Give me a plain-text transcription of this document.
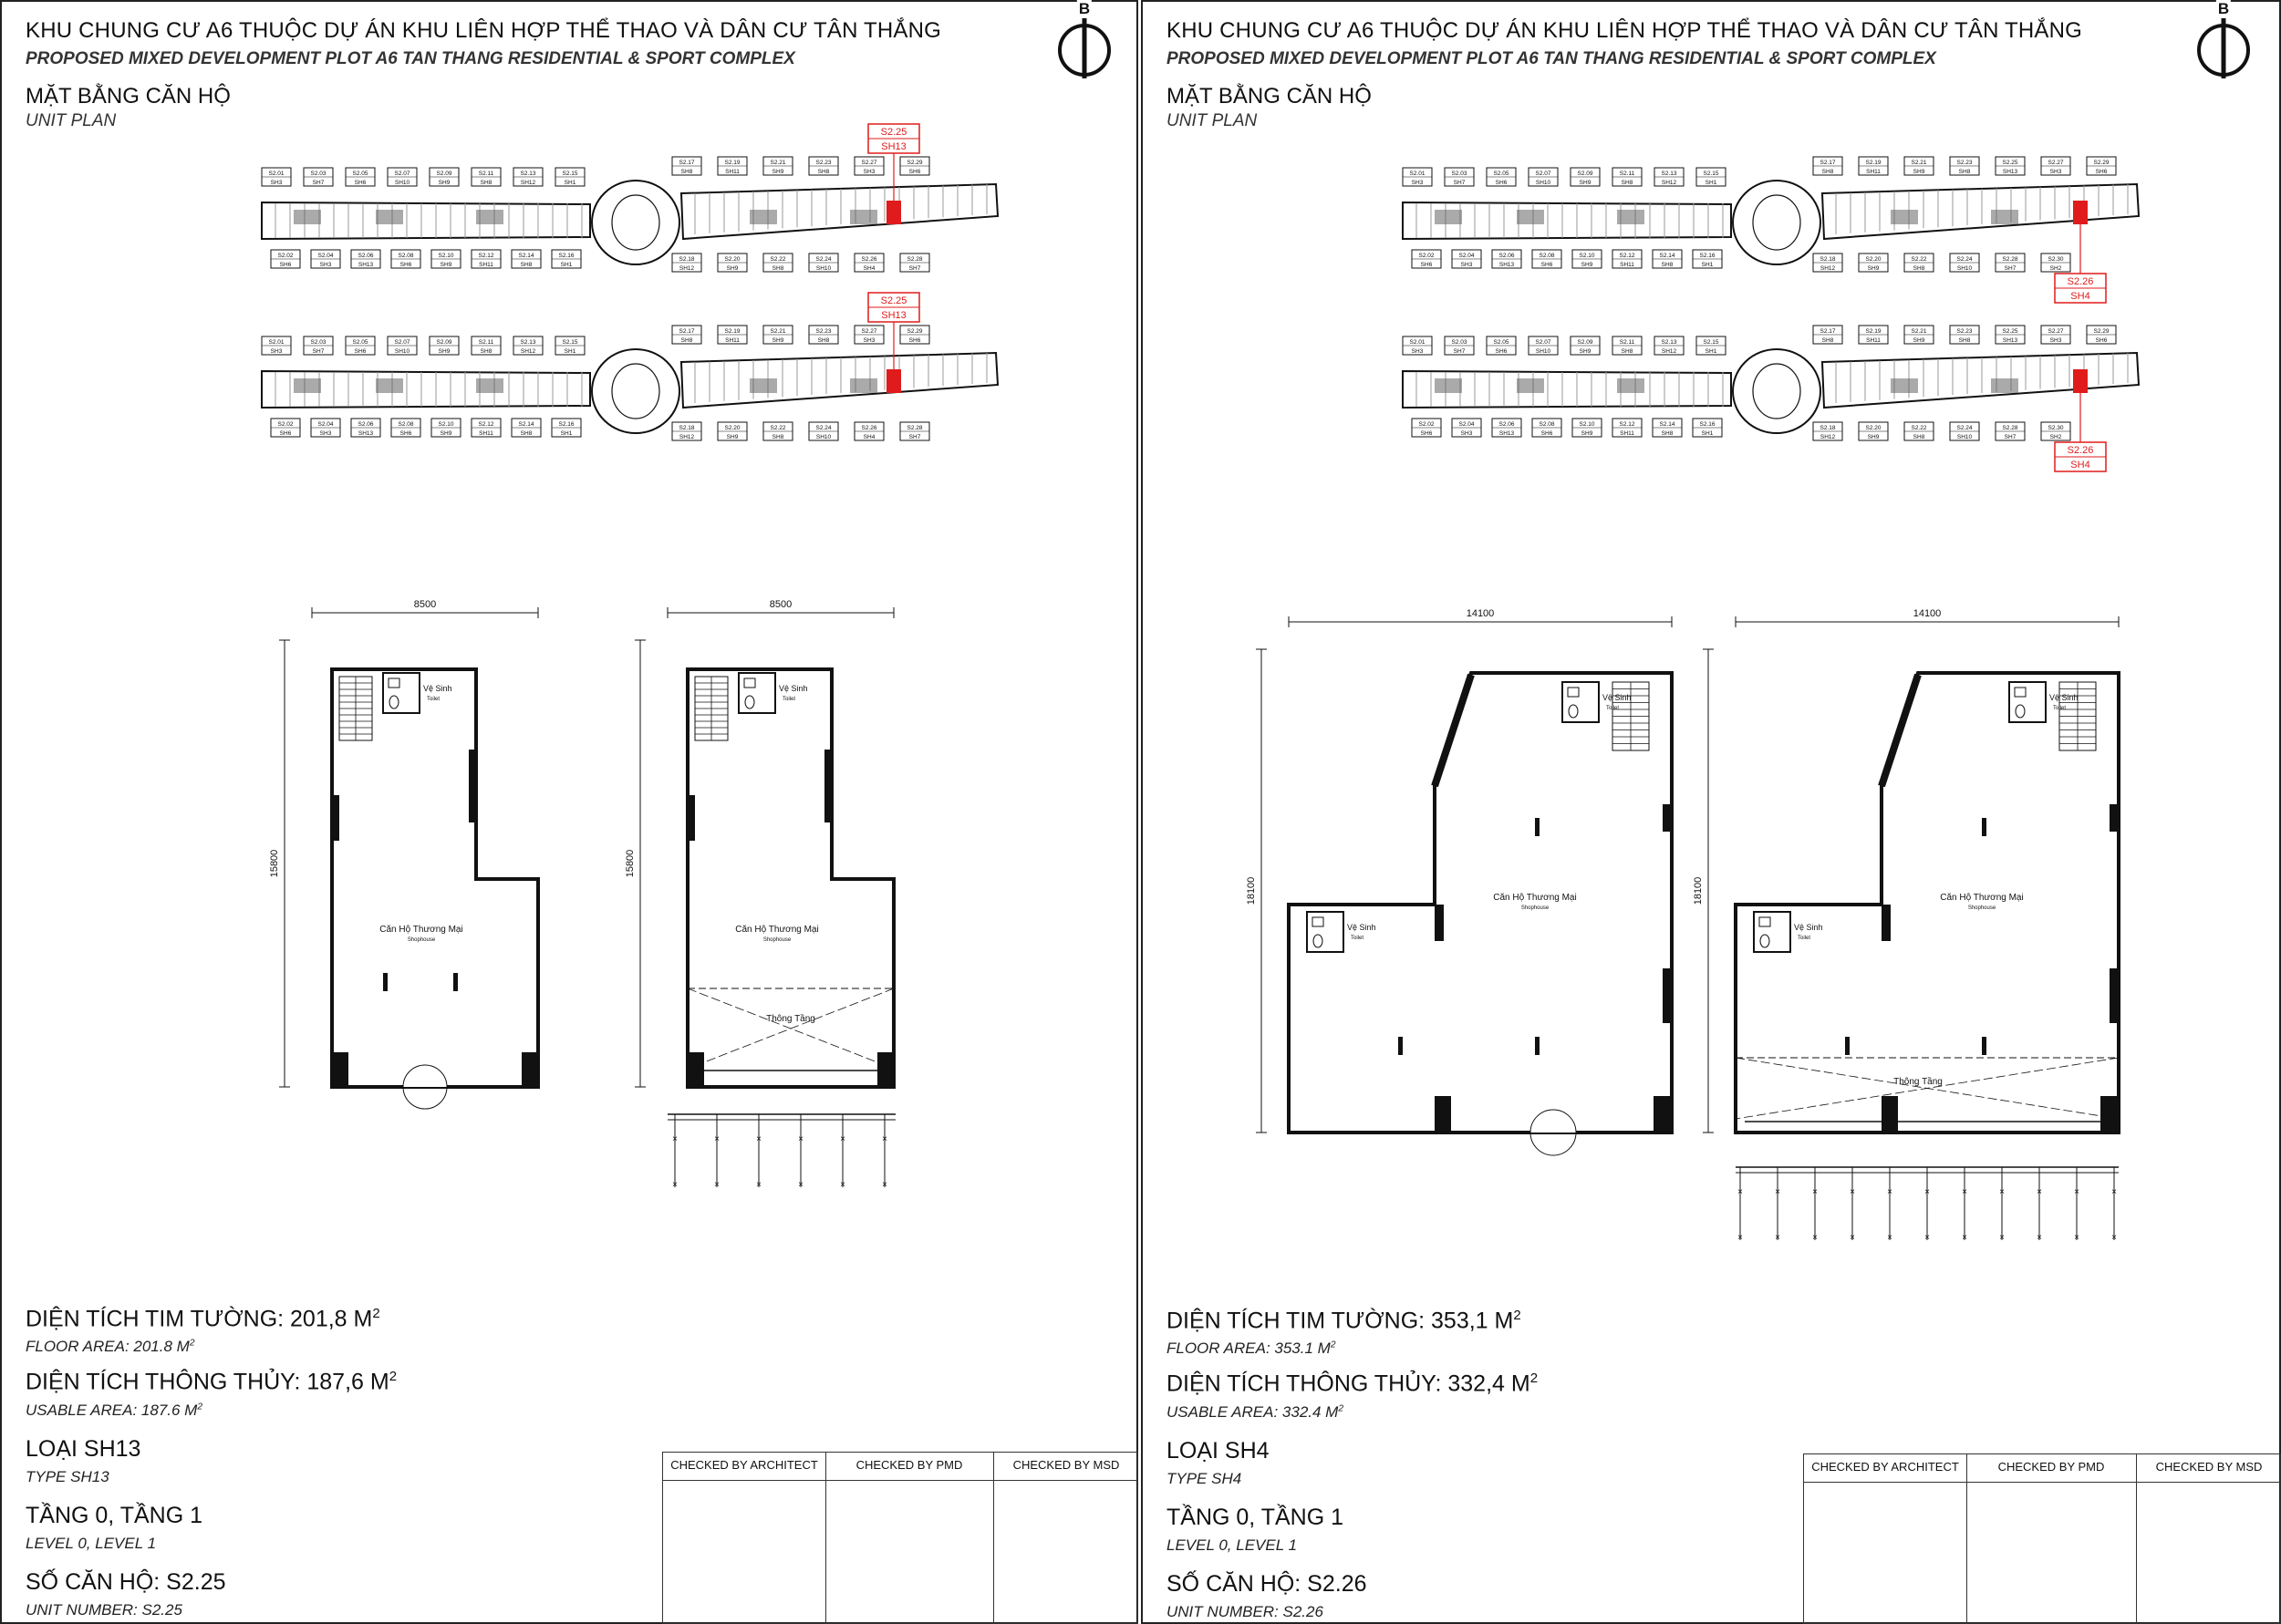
KHU CHUNG CƯ A6 THUỘC DỰ ÁN KHU LIÊN HỢP THỂ THAO VÀ DÂN CƯ TÂN THẮNG
PROPOSED MIXED DEVELOPMENT PLOT A6 TAN THANG RESIDENTIAL & SPORT COMPLEX
MẶT BẰNG CĂN HỘ
UNIT PLAN
B
S2.01
SH3
S2.03
SH7
S2.05
SH6
S2.07
SH10
S2.09
SH9
S2.11
SH8
S2.13
SH12
S2.15
SH1
S2.17
SH8
S2.19
SH11
S2.21
SH9
S2.23
SH8
S2.27
SH3
S2.29
SH6
S2.02
SH6
S2.04
SH3
S2.06
SH13
S2.08
SH6
S2.10
SH9
S2.12
SH11
S2.14
SH8
S2.16
SH1
S2.18
SH12
S2.20
SH9
S2.22
SH8
S2.24
SH10
S2.26
SH4
S2.28
SH7
S2.25
SH13
S2.01
SH3
S2.03
SH7
S2.05
SH6
S2.07
SH10
S2.09
SH9
S2.11
SH8
S2.13
SH12
S2.15
SH1
S2.17
SH8
S2.19
SH11
S2.21
SH9
S2.23
SH8
S2.27
SH3
S2.29
SH6
S2.02
SH6
S2.04
SH3
S2.06
SH13
S2.08
SH6
S2.10
SH9
S2.12
SH11
S2.14
SH8
S2.16
SH1
S2.18
SH12
S2.20
SH9
S2.22
SH8
S2.24
SH10
S2.26
SH4
S2.28
SH7
S2.25
SH13
8500
15800
Vệ Sinh
Toilet
Căn Hộ Thương Mại
Shophouse
8500
15800
Vệ Sinh
Toilet
Căn Hộ Thương Mại
Shophouse
Thông Tầng
×
×
×
×
×
×
×
×
×
×
×
×
DIỆN TÍCH TIM TƯỜNG: 201,8 $M^2$
FLOOR AREA: 201.8 $M^2$
DIỆN TÍCH THÔNG THỦY: 187,6 $M^2$
USABLE AREA: 187.6 $M^2$
LOẠI SH13
TYPE SH13
TẦNG 0, TẦNG 1
LEVEL 0, LEVEL 1
SỐ CĂN HỘ: S2.25
UNIT NUMBER: S2.25
CHECKED BY ARCHITECT	CHECKED BY PMD	CHECKED BY MSD
KHU CHUNG CƯ A6 THUỘC DỰ ÁN KHU LIÊN HỢP THỂ THAO VÀ DÂN CƯ TÂN THẮNG
PROPOSED MIXED DEVELOPMENT PLOT A6 TAN THANG RESIDENTIAL & SPORT COMPLEX
MẶT BẰNG CĂN HỘ
UNIT PLAN
B
S2.01
SH3
S2.03
SH7
S2.05
SH6
S2.07
SH10
S2.09
SH9
S2.11
SH8
S2.13
SH12
S2.15
SH1
S2.17
SH8
S2.19
SH11
S2.21
SH9
S2.23
SH8
S2.25
SH13
S2.27
SH3
S2.29
SH6
S2.02
SH6
S2.04
SH3
S2.06
SH13
S2.08
SH6
S2.10
SH9
S2.12
SH11
S2.14
SH8
S2.16
SH1
S2.18
SH12
S2.20
SH9
S2.22
SH8
S2.24
SH10
S2.28
SH7
S2.30
SH2
S2.26
SH4
S2.01
SH3
S2.03
SH7
S2.05
SH6
S2.07
SH10
S2.09
SH9
S2.11
SH8
S2.13
SH12
S2.15
SH1
S2.17
SH8
S2.19
SH11
S2.21
SH9
S2.23
SH8
S2.25
SH13
S2.27
SH3
S2.29
SH6
S2.02
SH6
S2.04
SH3
S2.06
SH13
S2.08
SH6
S2.10
SH9
S2.12
SH11
S2.14
SH8
S2.16
SH1
S2.18
SH12
S2.20
SH9
S2.22
SH8
S2.24
SH10
S2.28
SH7
S2.30
SH2
S2.26
SH4
14100
18100
Vệ Sinh
Toilet
Vệ Sinh
Toilet
Căn Hộ Thương Mại
Shophouse
14100
18100
Vệ Sinh
Toilet
Vệ Sinh
Toilet
Căn Hộ Thương Mại
Shophouse
Thông Tầng
×
×
×
×
×
×
×
×
×
×
×
×
×
×
×
×
×
×
×
×
×
×
DIỆN TÍCH TIM TƯỜNG: 353,1 $M^2$
FLOOR AREA: 353.1 $M^2$
DIỆN TÍCH THÔNG THỦY: 332,4 $M^2$
USABLE AREA: 332.4 $M^2$
LOẠI SH4
TYPE SH4
TẦNG 0, TẦNG 1
LEVEL 0, LEVEL 1
SỐ CĂN HỘ: S2.26
UNIT NUMBER: S2.26
CHECKED BY ARCHITECT	CHECKED BY PMD	CHECKED BY MSD
